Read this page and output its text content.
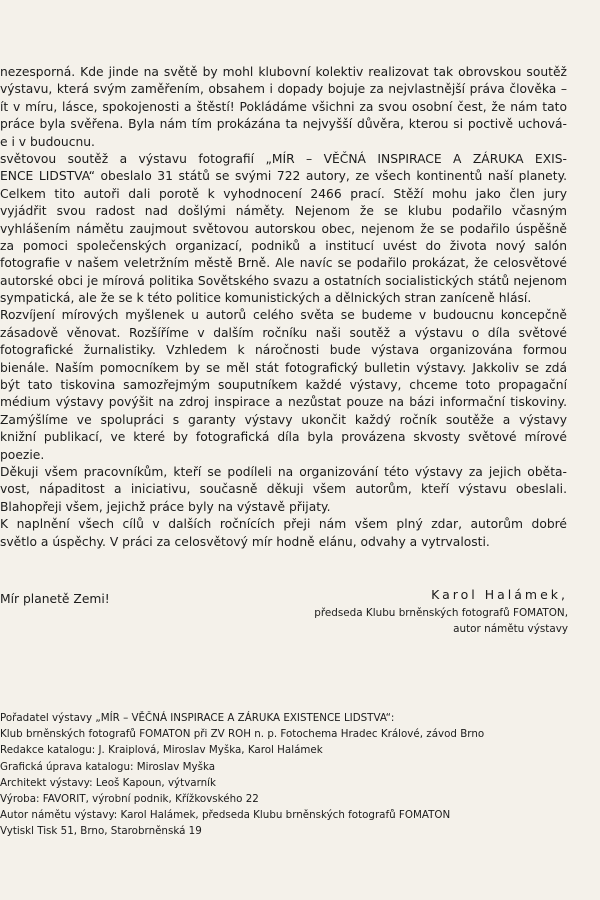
nezesporná. Kde jinde na světě by mohl klubovní kolektiv realizovat tak obrovskou soutěž
výstavu, která svým zaměřením, obsahem i dopady bojuje za nejvlastnější práva člověka –
ít v míru, lásce, spokojenosti a štěstí! Pokládáme všichni za svou osobní čest, že nám tato
práce byla svěřena. Byla nám tím prokázána ta nejvyšší důvěra, kterou si poctivě uchová-
e i v budoucnu.
světovou soutěž a výstavu fotografií „MÍR – VĚČNÁ INSPIRACE A ZÁRUKA EXIS-
ENCE LIDSTVA“ obeslalo 31 států se svými 722 autory, ze všech kontinentů naší planety.
Celkem tito autoři dali porotě k vyhodnocení 2466 prací. Stěží mohu jako člen jury
vyjádřit svou radost nad došlými náměty. Nejenom že se klubu podařilo včasným
vyhlášením námětu zaujmout světovou autorskou obec, nejenom že se podařilo úspěšně
za pomoci společenských organizací, podniků a institucí uvést do života nový salón
fotografie v našem veletržním městě Brně. Ale navíc se podařilo prokázat, že celosvětové
autorské obci je mírová politika Sovětského svazu a ostatních socialistických států nejenom
sympatická, ale že se k této politice komunistických a dělnických stran zaníceně hlásí.
Rozvíjení mírových myšlenek u autorů celého světa se budeme v budoucnu koncepčně
zásadově věnovat. Rozšíříme v dalším ročníku naši soutěž a výstavu o díla světové
fotografické žurnalistiky. Vzhledem k náročnosti bude výstava organizována formou
bienále. Naším pomocníkem by se měl stát fotografický bulletin výstavy. Jakkoliv se zdá
být tato tiskovina samozřejmým souputníkem každé výstavy, chceme toto propagační
médium výstavy povýšit na zdroj inspirace a nezůstat pouze na bázi informační tiskoviny.
Zamýšlíme ve spolupráci s garanty výstavy ukončit každý ročník soutěže a výstavy
knižní publikací, ve které by fotografická díla byla provázena skvosty světové mírové
poezie.
Děkuji všem pracovníkům, kteří se podíleli na organizování této výstavy za jejich oběta-
vost, nápaditost a iniciativu, současně děkuji všem autorům, kteří výstavu obeslali.
Blahopřeji všem, jejichž práce byly na výstavě přijaty.
K naplnění všech cílů v dalších ročnících přeji nám všem plný zdar, autorům dobré
světlo a úspěchy. V práci za celosvětový mír hodně elánu, odvahy a vytrvalosti.
Mír planetě Zemi!	Karol Halámek,
předseda Klubu brněnských fotografů FOMATON,
autor námětu výstavy
Pořadatel výstavy „MÍR – VĚČNÁ INSPIRACE A ZÁRUKA EXISTENCE LIDSTVA“:
Klub brněnských fotografů FOMATON při ZV ROH n. p. Fotochema Hradec Králové, závod Brno
Redakce katalogu: J. Kraiplová, Miroslav Myška, Karol Halámek
Grafická úprava katalogu: Miroslav Myška
Architekt výstavy: Leoš Kapoun, výtvarník
Výroba: FAVORIT, výrobní podnik, Křížkovského 22
Autor námětu výstavy: Karol Halámek, předseda Klubu brněnských fotografů FOMATON
Vytiskl Tisk 51, Brno, Starobrněnská 19
